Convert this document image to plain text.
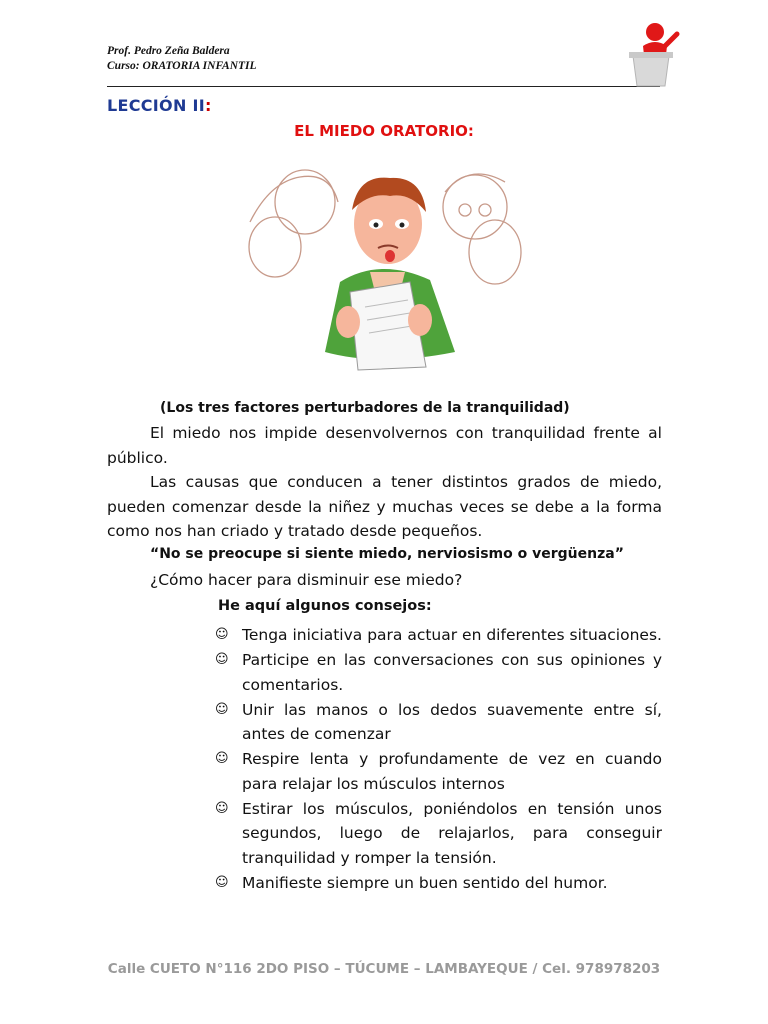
Prof. Pedro Zeña Baldera
Curso: ORATORIA INFANTIL
LECCIÓN II:
EL MIEDO ORATORIO:
(Los tres factores perturbadores de la tranquilidad)
El miedo nos impide desenvolvernos con tranquilidad frente al público.
Las causas que conducen a tener distintos grados de miedo, pueden comenzar desde la niñez y muchas veces se debe a la forma como nos han criado y tratado desde pequeños.
“No se preocupe si siente miedo, nerviosismo o vergüenza”
¿Cómo hacer para disminuir ese miedo?
He aquí algunos consejos:
☺ Tenga iniciativa para actuar en diferentes situaciones.
☺ Participe en las conversaciones con sus opiniones y comentarios.
☺ Unir las manos o los dedos suavemente entre sí, antes de comenzar
☺ Respire lenta y profundamente de vez en cuando para relajar los músculos internos
☺ Estirar los músculos, poniéndolos en tensión unos segundos, luego de relajarlos, para conseguir tranquilidad y romper la tensión.
☺ Manifieste siempre un buen sentido del humor.
Calle CUETO N°116 2DO PISO – TÚCUME – LAMBAYEQUE / Cel. 978978203
